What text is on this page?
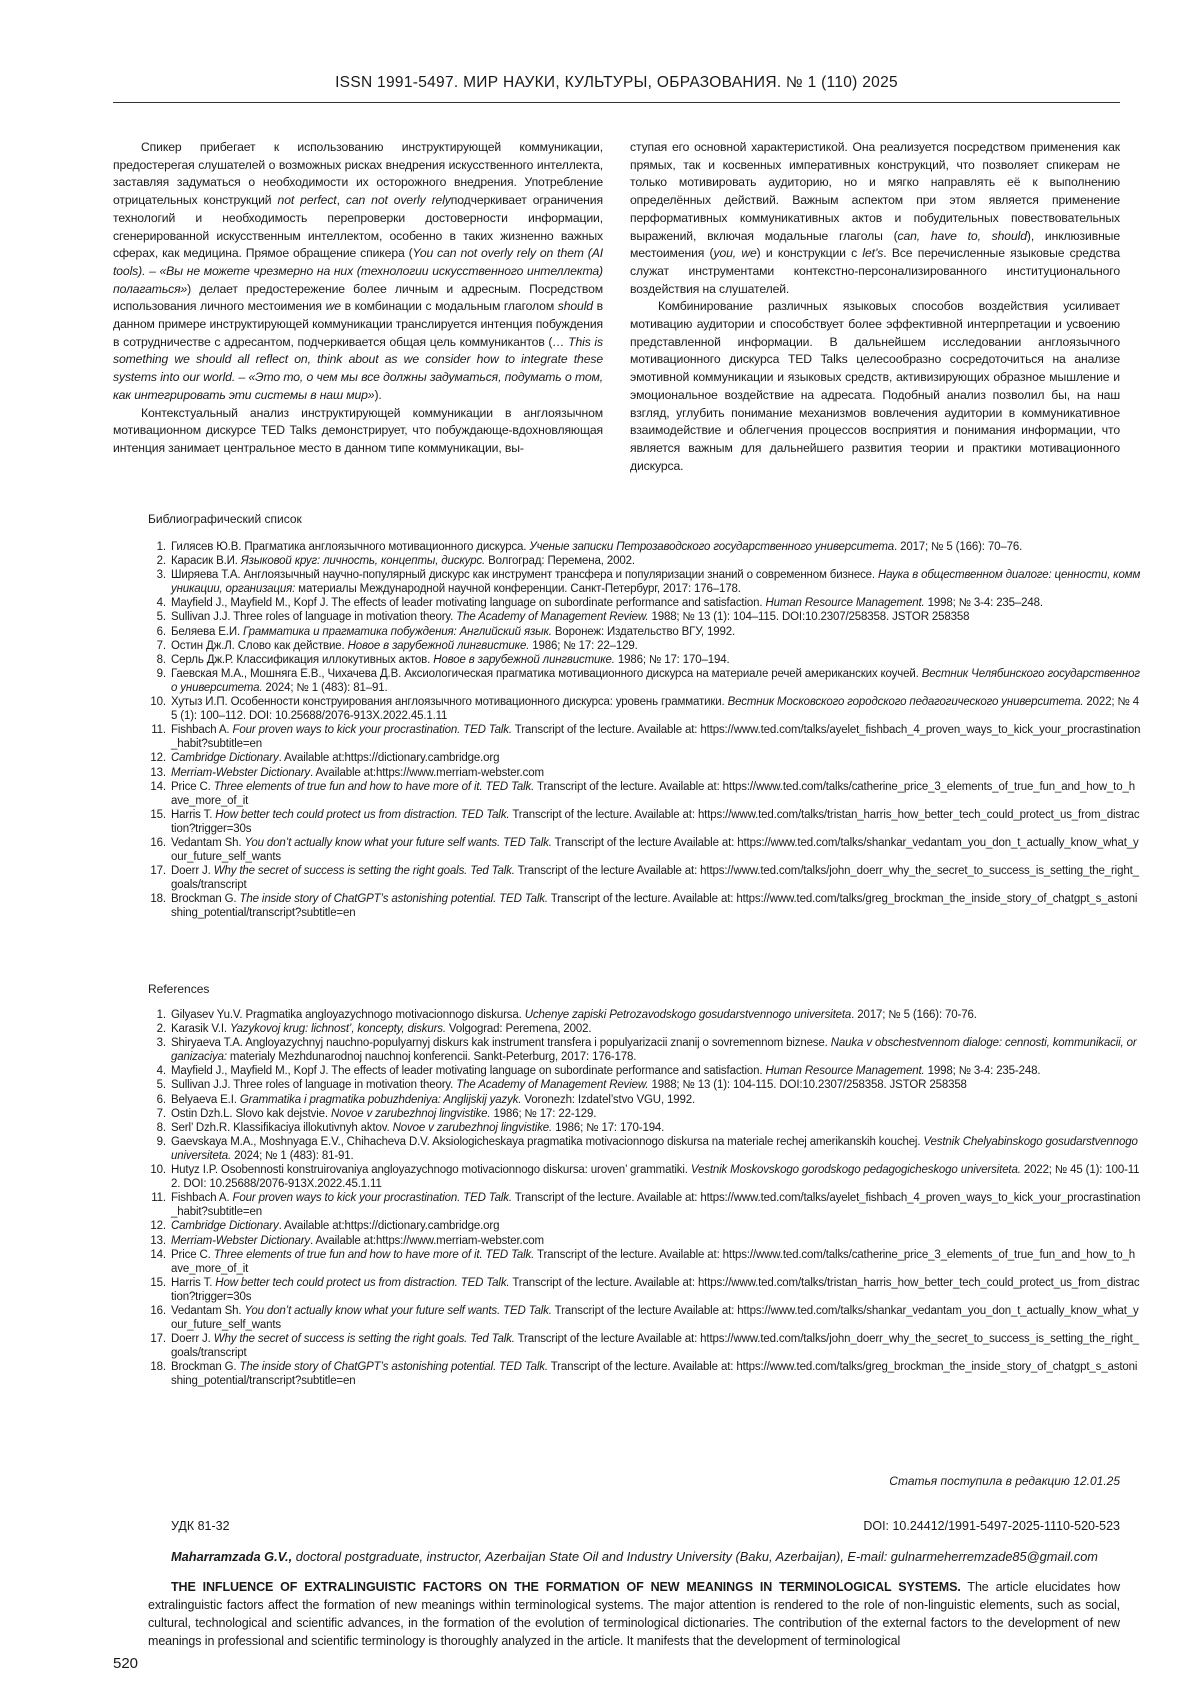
ISSN 1991-5497. МИР НАУКИ, КУЛЬТУРЫ, ОБРАЗОВАНИЯ. № 1 (110) 2025

Спикер прибегает к использованию инструктирующей коммуникации, предостерегая слушателей о возможных рисках внедрения искусственного интеллекта, заставляя задуматься о необходимости их осторожного внедрения. Употребление отрицательных конструкций not perfect, can not overly relyподчеркивает ограничения технологий и необходимость перепроверки достоверности информации, сгенерированной искусственным интеллектом, особенно в таких жизненно важных сферах, как медицина. Прямое обращение спикера (You can not overly rely on them (AI tools). – «Вы не можете чрезмерно на них (технологии искусственного интеллекта) полагаться») делает предостережение более личным и адресным. Посредством использования личного местоимения we в комбинации с модальным глаголом should в данном примере инструктирующей коммуникации транслируется интенция побуждения в сотрудничестве с адресантом, подчеркивается общая цель коммуникантов (… This is something we should all reflect on, think about as we consider how to integrate these systems into our world. – «Это то, о чем мы все должны задуматься, подумать о том, как интегрировать эти системы в наш мир»).

Контекстуальный анализ инструктирующей коммуникации в англоязычном мотивационном дискурсе TED Talks демонстрирует, что побуждающе-вдохновляющая интенция занимает центральное место в данном типе коммуникации, вы-

ступая его основной характеристикой. Она реализуется посредством применения как прямых, так и косвенных императивных конструкций, что позволяет спикерам не только мотивировать аудиторию, но и мягко направлять её к выполнению определённых действий. Важным аспектом при этом является применение перформативных коммуникативных актов и побудительных повествовательных выражений, включая модальные глаголы (can, have to, should), инклюзивные местоимения (you, we) и конструкции с let’s. Все перечисленные языковые средства служат инструментами контекстно-персонализированного институционального воздействия на слушателей.

Комбинирование различных языковых способов воздействия усиливает мотивацию аудитории и способствует более эффективной интерпретации и усвоению представленной информации. В дальнейшем исследовании англоязычного мотивационного дискурса TED Talks целесообразно сосредоточиться на анализе эмотивной коммуникации и языковых средств, активизирующих образное мышление и эмоциональное воздействие на адресата. Подобный анализ позволил бы, на наш взгляд, углубить понимание механизмов вовлечения аудитории в коммуникативное взаимодействие и облегчения процессов восприятия и понимания информации, что является важным для дальнейшего развития теории и практики мотивационного дискурса.

Библиографический список
1. Гилясев Ю.В. Прагматика англоязычного мотивационного дискурса. Ученые записки Петрозаводского государственного университета. 2017; № 5 (166): 70–76.
2. Карасик В.И. Языковой круг: личность, концепты, дискурс. Волгоград: Перемена, 2002.
3. Ширяева Т.А. Англоязычный научно-популярный дискурс как инструмент трансфера и популяризации знаний о современном бизнесе. Наука в общественном диалоге: ценности, коммуникации, организация: материалы Международной научной конференции. Санкт-Петербург, 2017: 176–178.
4. Mayfield J., Mayfield M., Kopf J. The effects of leader motivating language on subordinate performance and satisfaction. Human Resource Management. 1998; № 3-4: 235–248.
5. Sullivan J.J. Three roles of language in motivation theory. The Academy of Management Review. 1988; № 13 (1): 104–115. DOI:10.2307/258358. JSTOR 258358
6. Беляева Е.И. Грамматика и прагматика побуждения: Английский язык. Воронеж: Издательство ВГУ, 1992.
7. Остин Дж.Л. Слово как действие. Новое в зарубежной лингвистике. 1986; № 17: 22–129.
8. Серль Дж.Р. Классификация иллокутивных актов. Новое в зарубежной лингвистике. 1986; № 17: 170–194.
9. Гаевская М.А., Мошняга Е.В., Чихачева Д.В. Аксиологическая прагматика мотивационного дискурса на материале речей американских коучей. Вестник Челябинского государственного университета. 2024; № 1 (483): 81–91.
10. Хутыз И.П. Особенности конструирования англоязычного мотивационного дискурса: уровень грамматики. Вестник Московского городского педагогического университета. 2022; № 45 (1): 100–112. DOI: 10.25688/2076-913X.2022.45.1.11
11. Fishbach A. Four proven ways to kick your procrastination. TED Talk. Transcript of the lecture. Available at: https://www.ted.com/talks/ayelet_fishbach_4_proven_ways_to_kick_your_procrastination_habit?subtitle=en
12. Cambridge Dictionary. Available at:https://dictionary.cambridge.org
13. Merriam-Webster Dictionary. Available at:https://www.merriam-webster.com
14. Price C. Three elements of true fun and how to have more of it. TED Talk. Transcript of the lecture. Available at: https://www.ted.com/talks/catherine_price_3_elements_of_true_fun_and_how_to_have_more_of_it
15. Harris T. How better tech could protect us from distraction. TED Talk. Transcript of the lecture. Available at: https://www.ted.com/talks/tristan_harris_how_better_tech_could_protect_us_from_distraction?trigger=30s
16. Vedantam Sh. You don’t actually know what your future self wants. TED Talk. Transcript of the lecture Available at: https://www.ted.com/talks/shankar_vedantam_you_don_t_actually_know_what_your_future_self_wants
17. Doerr J. Why the secret of success is setting the right goals. Ted Talk. Transcript of the lecture Available at: https://www.ted.com/talks/john_doerr_why_the_secret_to_success_is_setting_the_right_goals/transcript
18. Brockman G. The inside story of ChatGPT’s astonishing potential. TED Talk. Transcript of the lecture. Available at: https://www.ted.com/talks/greg_brockman_the_inside_story_of_chatgpt_s_astonishing_potential/transcript?subtitle=en
References
1. Gilyasev Yu.V. Pragmatika angloyazychnogo motivacionnogo diskursa. Uchenye zapiski Petrozavodskogo gosudarstvennogo universiteta. 2017; № 5 (166): 70-76.
2. Karasik V.I. Yazykovoj krug: lichnost’, koncepty, diskurs. Volgograd: Peremena, 2002.
3. Shiryaeva T.A. Angloyazychnyj nauchno-populyarnyj diskurs kak instrument transfera i populyarizacii znanij o sovremennom biznese. Nauka v obschestvennom dialoge: cennosti, kommunikacii, organizaciya: materialy Mezhdunarodnoj nauchnoj konferencii. Sankt-Peterburg, 2017: 176-178.
4. Mayfield J., Mayfield M., Kopf J. The effects of leader motivating language on subordinate performance and satisfaction. Human Resource Management. 1998; № 3-4: 235-248.
5. Sullivan J.J. Three roles of language in motivation theory. The Academy of Management Review. 1988; № 13 (1): 104-115. DOI:10.2307/258358. JSTOR 258358
6. Belyaeva E.I. Grammatika i pragmatika pobuzhdeniya: Anglijskij yazyk. Voronezh: Izdatel’stvo VGU, 1992.
7. Ostin Dzh.L. Slovo kak dejstvie. Novoe v zarubezhnoj lingvistike. 1986; № 17: 22-129.
8. Serl’ Dzh.R. Klassifikaciya illokutivnyh aktov. Novoe v zarubezhnoj lingvistike. 1986; № 17: 170-194.
9. Gaevskaya M.A., Moshnyaga E.V., Chihacheva D.V. Aksiologicheskaya pragmatika motivacionnogo diskursa na materiale rechej amerikanskih kouchej. Vestnik Chelyabinskogo gosudarstvennogo universiteta. 2024; № 1 (483): 81-91.
10. Hutyz I.P. Osobennosti konstruirovaniya angloyazychnogo motivacionnogo diskursa: uroven’ grammatiki. Vestnik Moskovskogo gorodskogo pedagogicheskogo universiteta. 2022; № 45 (1): 100-112. DOI: 10.25688/2076-913X.2022.45.1.11
11. Fishbach A. Four proven ways to kick your procrastination. TED Talk. Transcript of the lecture. Available at: https://www.ted.com/talks/ayelet_fishbach_4_proven_ways_to_kick_your_procrastination_habit?subtitle=en
12. Cambridge Dictionary. Available at:https://dictionary.cambridge.org
13. Merriam-Webster Dictionary. Available at:https://www.merriam-webster.com
14. Price C. Three elements of true fun and how to have more of it. TED Talk. Transcript of the lecture. Available at: https://www.ted.com/talks/catherine_price_3_elements_of_true_fun_and_how_to_have_more_of_it
15. Harris T. How better tech could protect us from distraction. TED Talk. Transcript of the lecture. Available at: https://www.ted.com/talks/tristan_harris_how_better_tech_could_protect_us_from_distraction?trigger=30s
16. Vedantam Sh. You don’t actually know what your future self wants. TED Talk. Transcript of the lecture Available at: https://www.ted.com/talks/shankar_vedantam_you_don_t_actually_know_what_your_future_self_wants
17. Doerr J. Why the secret of success is setting the right goals. Ted Talk. Transcript of the lecture Available at: https://www.ted.com/talks/john_doerr_why_the_secret_to_success_is_setting_the_right_goals/transcript
18. Brockman G. The inside story of ChatGPT’s astonishing potential. TED Talk. Transcript of the lecture. Available at: https://www.ted.com/talks/greg_brockman_the_inside_story_of_chatgpt_s_astonishing_potential/transcript?subtitle=en
Статья поступила в редакцию 12.01.25
УДК 81-32	DOI: 10.24412/1991-5497-2025-1110-520-523
Maharramzada G.V., doctoral postgraduate, instructor, Azerbaijan State Oil and Industry University (Baku, Azerbaijan), E-mail: gulnarmeherremzade85@gmail.com
THE INFLUENCE OF EXTRALINGUISTIC FACTORS ON THE FORMATION OF NEW MEANINGS IN TERMINOLOGICAL SYSTEMS. The article elucidates how extralinguistic factors affect the formation of new meanings within terminological systems. The major attention is rendered to the role of non-linguistic elements, such as social, cultural, technological and scientific advances, in the formation of the evolution of terminological dictionaries. The contribution of the external factors to the development of new meanings in professional and scientific terminology is thoroughly analyzed in the article. It manifests that the development of terminological
520
